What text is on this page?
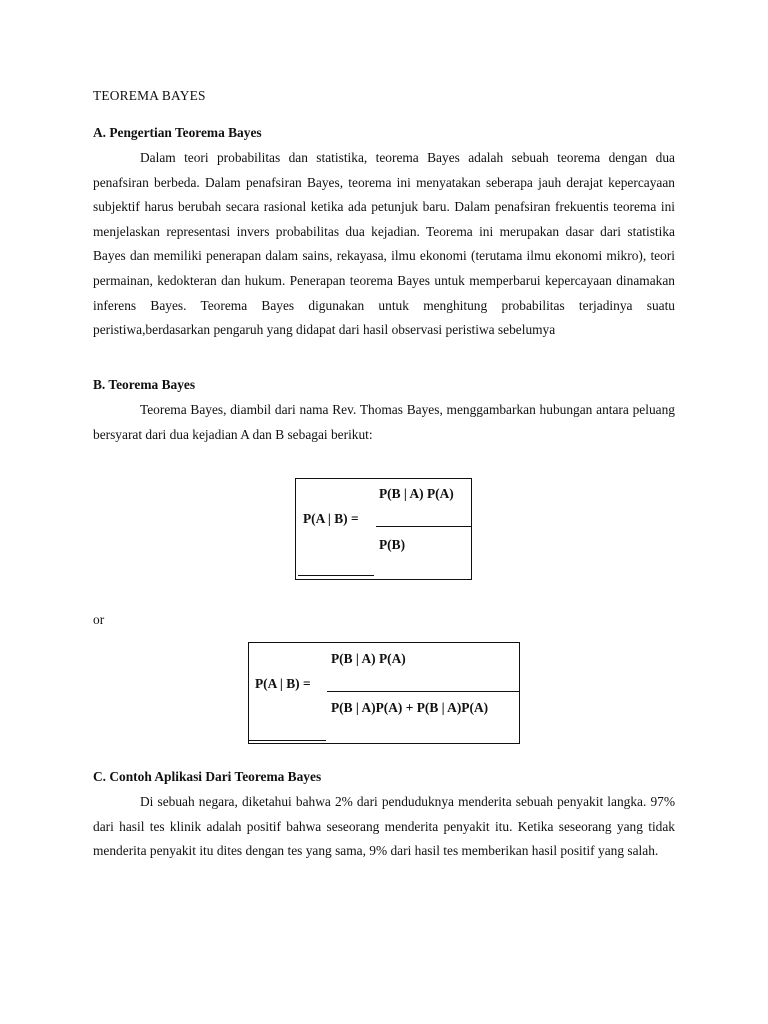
TEOREMA BAYES
A. Pengertian Teorema Bayes

Dalam teori probabilitas dan statistika, teorema Bayes adalah sebuah teorema dengan dua penafsiran berbeda. Dalam penafsiran Bayes, teorema ini menyatakan seberapa jauh derajat kepercayaan subjektif harus berubah secara rasional ketika ada petunjuk baru. Dalam penafsiran frekuentis teorema ini menjelaskan representasi invers probabilitas dua kejadian. Teorema ini merupakan dasar dari statistika Bayes dan memiliki penerapan dalam sains, rekayasa, ilmu ekonomi (terutama ilmu ekonomi mikro), teori permainan, kedokteran dan hukum. Penerapan teorema Bayes untuk memperbarui kepercayaan dinamakan inferens Bayes. Teorema Bayes digunakan untuk menghitung probabilitas terjadinya suatu peristiwa,berdasarkan pengaruh yang didapat dari hasil observasi peristiwa sebelumya

B. Teorema Bayes

Teorema Bayes, diambil dari nama Rev. Thomas Bayes, menggambarkan hubungan antara peluang bersyarat dari dua kejadian A dan B sebagai berikut:

P(B | A) P(A)
P(A | B) =
P(B)

or

P(B | A) P(A)
P(A | B) =
P(B | A)P(A) + P(B | A)P(A)
C. Contoh Aplikasi Dari Teorema Bayes

Di sebuah negara, diketahui bahwa 2% dari penduduknya menderita sebuah penyakit langka. 97% dari hasil tes klinik adalah positif bahwa seseorang menderita penyakit itu. Ketika seseorang yang tidak menderita penyakit itu dites dengan tes yang sama, 9% dari hasil tes memberikan hasil positif yang salah.
